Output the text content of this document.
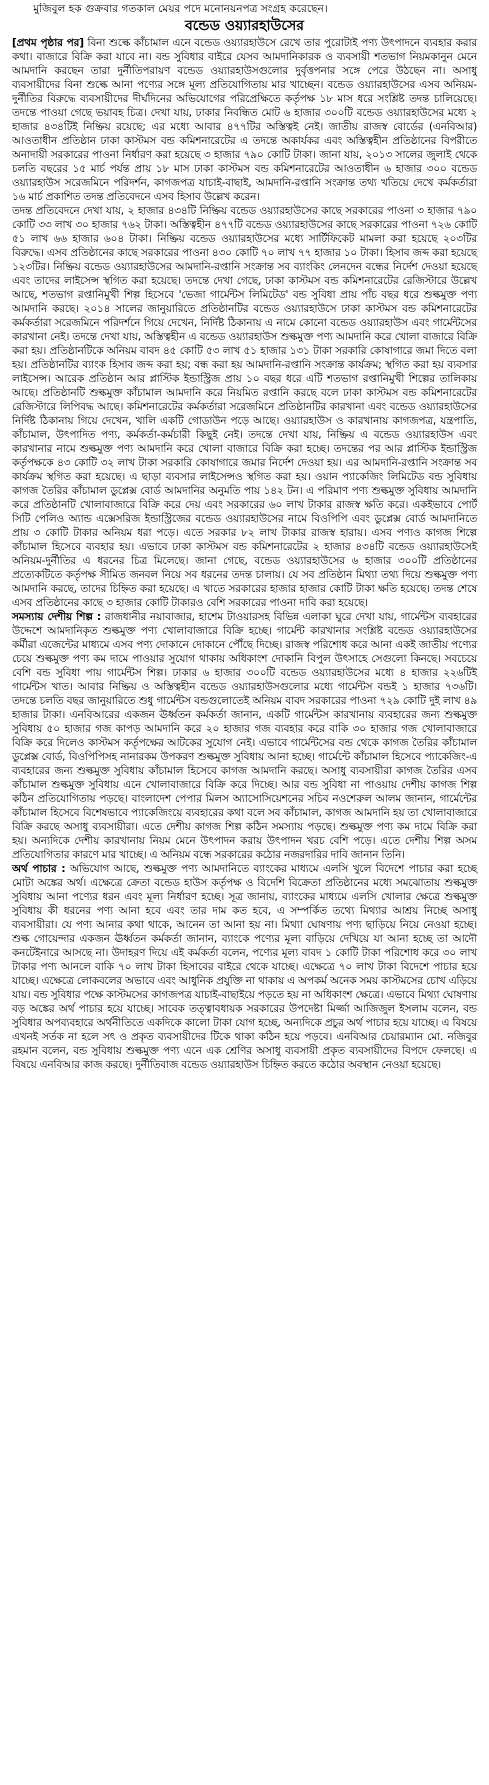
মুজিবুল হক গুক্রবার গতকাল মেয়র পদে মনোনয়নপত্র সংগ্রহ করেছেন।
বন্ডেড ওয়্যারহাউসের

[প্রথম পৃষ্ঠার পর] বিনা শুল্কে কাঁচামাল এনে বন্ডেড ওয়্যারহাউসে রেখে তার পুরোটাই পণ্য উৎপাদনে ব্যবহার করার কথা। বাজারে বিক্রি করা যাবে না। বন্ড সুবিধার বাইরে যেসব আমদানিকারক ও ব্যবসায়ী শতভাগ নিয়মকানুন মেনে আমদানি করছেন তারা দুর্নীতিপরায়ণ বন্ডেড ওয়্যারহাউসগুলোর দুর্বৃত্তপনার সঙ্গে পেরে উঠছেন না। অসাধু ব্যবসায়ীদের বিনা শুল্কে আনা পণ্যের সঙ্গে মূল্য প্রতিযোগিতায় মার খাচ্ছেন। বন্ডেড ওয়্যারহাউসের এসব অনিয়ম-দুর্নীতির বিরুদ্ধে ব্যবসায়ীদের দীর্ঘদিনের অভিযোগের পরিপ্রেক্ষিতে কর্তৃপক্ষ ১৮ মাস ধরে সংশ্লিষ্ট তদন্ত চালিয়েছে। তদন্তে পাওয়া গেছে ভয়াবহ চিত্র। দেখা যায়, ঢাকার নিবন্ধিত মোট ৬ হাজার ৩০০টি বন্ডেড ওয়্যারহাউসের মধ্যে ২ হাজার ৪৩৪টিই নিষ্ক্রিয় রয়েছে; এর মধ্যে আবার ৪৭৭টির অস্তিত্বই নেই। জাতীয় রাজস্ব বোর্ডের (এনবিআর) আওতাধীন প্রতিষ্ঠান ঢাকা কাস্টমস বন্ড কমিশনারেটের এ তদন্তে অকার্যকর এবং অস্তিত্বহীন প্রতিষ্ঠানের বিপরীতে অনাদায়ী সরকারের পাওনা নির্ধারণ করা হয়েছে ৩ হাজার ৭৯০ কোটি টাকা। জানা যায়, ২০১৩ সালের জুলাই থেকে চলতি বছরের ১৫ মার্চ পর্যন্ত প্রায় ১৮ মাস ঢাকা কাস্টমস বন্ড কমিশনারেটের আওতাধীন ৬ হাজার ৩০০ বন্ডেড ওয়্যারহাউস সরেজমিনে পরিদর্শন, কাগজপত্র যাচাই-বাছাই, আমদানি-রপ্তানি সংক্রান্ত তথ্য খতিয়ে দেখে কর্মকর্তারা ১৬ মার্চ প্রকাশিত তদন্ত প্রতিবেদনে এসব হিসাব উল্লেখ করেন।

তদন্ত প্রতিবেদনে দেখা যায়, ২ হাজার ৪৩৪টি নিষ্ক্রিয় বন্ডেড ওয়্যারহাউসের কাছে সরকারের পাওনা ৩ হাজার ৭৯০ কোটি ৩৩ লাখ ৩০ হাজার ৭৬২ টাকা। অস্তিত্বহীন ৪৭৭টি বন্ডেড ওয়্যারহাউসের কাছে সরকারের পাওনা ৭২৬ কোটি ৫১ লাখ ৬৬ হাজার ৬০৪ টাকা। নিষ্ক্রিয় বন্ডেড ওয়্যারহাউসের মধ্যে সার্টিফিকেট মামলা করা হয়েছে ২০৩টির বিরুদ্ধে। এসব প্রতিষ্ঠানের কাছে সরকারের পাওনা ৪৩০ কোটি ৭০ লাখ ৭৭ হাজার ১০ টাকা। হিসাব জব্দ করা হয়েছে ১২৩টির। নিষ্ক্রিয় বন্ডেড ওয়্যারহাউসের আমদানি-রপ্তানি সংক্রান্ত সব ব্যাংকিং লেনদেন বন্ধের নির্দেশ দেওয়া হয়েছে এবং তাদের লাইসেন্স স্থগিত করা হয়েছে। তদন্তে দেখা গেছে, ঢাকা কাস্টমস বন্ড কমিশনারেটের রেজিস্টারে উল্লেখ আছে, শতভাগ রপ্তানিমুখী শিল্প হিসেবে 'ভেজা গার্মেন্টস লিমিটেড' বন্ড সুবিধা প্রায় পাঁচ বছর ধরে শুল্কমুক্ত পণ্য আমদানি করছে। ২০১৪ সালের জানুয়ারিতে প্রতিষ্ঠানটির বন্ডেড ওয়্যারহাউসে ঢাকা কাস্টমস বন্ড কমিশনারেটের কর্মকর্তারা সরেজমিনে পরিদর্শনে গিয়ে দেখেন, নির্দিষ্ট ঠিকানায় এ নামে কোনো বন্ডেড ওয়্যারহাউস এবং গার্মেন্টসের কারখানা নেই। তদন্তে দেখা যায়, অস্তিত্বহীন এ বন্ডেড ওয়্যারহাউস শুল্কমুক্ত পণ্য আমদানি করে খোলা বাজারে বিক্রি করা হয়। প্রতিষ্ঠানটিকে অনিয়ম বাবদ ৪৫ কোটি ৫৩ লাখ ৫১ হাজার ১৩১ টাকা সরকারি কোষাগারে জমা দিতে বলা হয়। প্রতিষ্ঠানটির ব্যাংক হিসাব জব্দ করা হয়; বন্ধ করা হয় আমদানি-রপ্তানি সংক্রান্ত কার্যক্রম; স্থগিত করা হয় ব্যবসার লাইসেন্স। আরেক প্রতিষ্ঠান আর প্লাস্টিক ইন্ডাস্ট্রিজ প্রায় ১০ বছর ধরে এটি শতভাগ রপ্তানিমুখী শিল্পের তালিকায় আছে। প্রতিষ্ঠানটি শুল্কমুক্ত কাঁচামাল আমদানি করে নিয়মিত রপ্তানি করছে বলে ঢাকা কাস্টমস বন্ড কমিশনারেটের রেজিস্টারে লিপিবদ্ধ আছে। কমিশনারেটের কর্মকর্তারা সরেজমিনে প্রতিষ্ঠানটির কারখানা এবং বন্ডেড ওয়্যারহাউসের নির্দিষ্ট ঠিকানায় গিয়ে দেখেন, খালি একটি গোডাউন পড়ে আছে। ওয়্যারহাউস ও কারখানায় কাগজপত্র, যন্ত্রপাতি, কাঁচামাল, উৎপাদিত পণ্য, কর্মকর্তা-কর্মচারী কিছুই নেই। তদন্তে দেখা যায়, নিষ্ক্রিয় এ বন্ডেড ওয়্যারহাউস এবং কারখানার নামে শুল্কমুক্ত পণ্য আমদানি করে খোলা বাজারে বিক্রি করা হচ্ছে। তদন্তের পর আর প্লাস্টিক ইন্ডাস্ট্রিজ কর্তৃপক্ষকে ৪৩ কোটি ৩২ লাখ টাকা সরকারি কোষাগারে জমার নির্দেশ দেওয়া হয়। এর আমদানি-রপ্তানি সংক্রান্ত সব কার্যক্রম স্থগিত করা হয়েছে। এ ছাড়া ব্যবসার লাইসেন্সও স্থগিত করা হয়। ওয়ান প্যাকেজিং লিমিটেড বন্ড সুবিধায় কাগজ তৈরির কাঁচামাল ডুপ্লেক্স বোর্ড আমদানির অনুমতি পায় ১৪২ টন। এ পরিমাণ পণ্য শুল্কমুক্ত সুবিধায় আমদানি করে প্রতিষ্ঠানটি খোলাবাজারে বিক্রি করে দেয় এবং সরকারের ৬০ লাখ টাকার রাজস্ব ক্ষতি করে। একইভাবে পোর্ট সিটি পেলিও অ্যান্ড এক্সেসরিজ ইন্ডাস্ট্রিজের বন্ডেড ওয়্যারহাউসের নামে বিওপিপি এবং ডুপ্লেক্স বোর্ড আমদানিতে প্রায় ৩ কোটি টাকার অনিয়ম ধরা পড়ে। এতে সরকার ৮২ লাখ টাকার রাজস্ব হারায়। এসব পণ্যও কাগজ শিল্পে কাঁচামাল হিসেবে ব্যবহার হয়। এভাবে ঢাকা কাস্টমস বন্ড কমিশনারেটের ২ হাজার ৪৩৪টি বন্ডেড ওয়্যারহাউসেই অনিয়ম-দুর্নীতির এ ধরনের চিত্র মিলেছে। জানা গেছে, বন্ডেড ওয়্যারহাউসের ৬ হাজার ৩০০টি প্রতিষ্ঠানের প্রত্যেকটিতে কর্তৃপক্ষ সীমিত জনবল নিয়ে সব ধরনের তদন্ত চালায়। যে সব প্রতিষ্ঠান মিথ্যা তথ্য দিয়ে শুল্কমুক্ত পণ্য আমদানি করছে, তাদের চিহ্নিত করা হয়েছে। এ খাতে সরকারের হাজার হাজার কোটি টাকা ক্ষতি হয়েছে। তদন্ত শেষে এসব প্রতিষ্ঠানের কাছে ৩ হাজার কোটি টাকারও বেশি সরকারের পাওনা দাবি করা হয়েছে।

সমস্যায় দেশীয় শিল্প : রাজধানীর নয়াবাজার, হাশেম টাওয়ারসহ বিভিন্ন এলাকা ঘুরে দেখা যায়, গার্মেন্টস ব্যবহারের উদ্দেশে আমদানিকৃত শুল্কমুক্ত পণ্য খোলাবাজারে বিক্রি হচ্ছে। গার্মেন্ট কারখানার সংশ্লিষ্ট বন্ডেড ওয়্যারহাউসের কর্মীরা এজেন্টের মাধ্যমে এসব পণ্য দোকানে দোকানে পৌঁছে দিচ্ছে। রাজস্ব পরিশোধ করে আনা একই জাতীয় পণ্যের চেয়ে শুল্কমুক্ত পণ্য কম দামে পাওয়ার সুযোগ থাকায় অধিকাংশ দোকানি বিপুল উৎসাহে সেগুলো কিনছে। সবচেয়ে বেশি বন্ড সুবিধা পায় গার্মেন্টস শিল্প। ঢাকার ৬ হাজার ৩০০টি বন্ডেড ওয়্যারহাউসের মধ্যে ৪ হাজার ২২৬টিই গার্মেন্টস খাত। আবার নিষ্ক্রিয় ও অস্তিত্বহীন বন্ডেড ওয়্যারহাউসগুলোর মধ্যে গার্মেন্টস বন্ডই ১ হাজার ৭৩৬টি। তদন্তে চলতি বছর জানুয়ারিতে শুধু গার্মেন্টস বন্ডগুলোতেই অনিয়ম বাবদ সরকারের পাওনা ৭২৯ কোটি দুই লাখ ৪৯ হাজার টাকা। এনবিআরের একজন ঊর্ধ্বতন কর্মকর্তা জানান, একটি গার্মেন্টস কারখানায় ব্যবহারের জন্য শুল্কমুক্ত সুবিধায় ৫০ হাজার গজ কাপড় আমদানি করে ২০ হাজার গজ ব্যবহার করে বাকি ৩০ হাজার গজ খোলাবাজারে বিক্রি করে দিলেও কাস্টমস কর্তৃপক্ষের আটকের সুযোগ নেই। এভাবে গার্মেন্টসের বন্ড থেকে কাগজ তৈরির কাঁচামাল ডুপ্লেক্স বোর্ড, বিওপিপিসহ নানারকম উপকরণ শুল্কমুক্ত সুবিধায় আনা হচ্ছে। গার্মেন্টে কাঁচামাল হিসেবে প্যাকেজিং-এ ব্যবহারের জন্য শুল্কমুক্ত সুবিধায় কাঁচামাল হিসেবে কাগজ আমদানি করছে। অসাধু ব্যবসায়ীরা কাগজ তৈরির এসব কাঁচামাল শুল্কমুক্ত সুবিধায় এনে খোলাবাজারে বিক্রি করে দিচ্ছে। আর বন্ড সুবিধা না পাওয়ায় দেশীয় কাগজ শিল্প কঠিন প্রতিযোগিতায় পড়ছে। বাংলাদেশ পেপার মিলস অ্যাসোসিয়েশনের সচিব নওশেরুল আলম জানান, গার্মেন্টের কাঁচামাল হিসেবে বিশেষভাবে প্যাকেজিংয়ে ব্যবহারের কথা বলে সব কাঁচামাল, কাগজ আমদানি হয় তা খোলাবাজারে বিক্রি করছে অসাধু ব্যবসায়ীরা। এতে দেশীয় কাগজ শিল্প কঠিন সমস্যায় পড়ছে। শুল্কমুক্ত পণ্য কম দামে বিক্রি করা হয়। অন্যদিকে দেশীয় কারখানায় নিয়ম মেনে উৎপাদন করায় উৎপাদন খরচ বেশি পড়ে। এতে দেশীয় শিল্প অসম প্রতিযোগিতার কারণে মার খাচ্ছে। এ অনিয়ম বন্ধে সরকারের কঠোর নজরদারির দাবি জানান তিনি।

অর্থ পাচার : অভিযোগ আছে, শুল্কমুক্ত পণ্য আমদানিতে ব্যাংকের মাধ্যমে এলসি খুলে বিদেশে পাচার করা হচ্ছে মোটা অঙ্কের অর্থ। এক্ষেত্রে ক্রেতা বন্ডেড হাউস কর্তৃপক্ষ ও বিদেশি বিক্রেতা প্রতিষ্ঠানের মধ্যে সমঝোতায় শুল্কমুক্ত সুবিধায় আনা পণ্যের ধরন এবং মূল্য নির্ধারণ হচ্ছে। সূত্র জানায়, ব্যাংকের মাধ্যমে এলসি খোলার ক্ষেত্রে শুল্কমুক্ত সুবিধায় কী ধরনের পণ্য আনা হবে এবং তার দাম কত হবে, এ সম্পর্কিত তথ্যে মিথ্যার আশ্রয় নিচ্ছে অসাধু ব্যবসায়ীরা। যে পণ্য আনার কথা থাকে, আনেন তা আনা হয় না। মিথ্যা ঘোষণায় পণ্য ছাড়িয়ে নিয়ে নেওয়া হচ্ছে। শুল্ক গোয়েন্দার একজন ঊর্ধ্বতন কর্মকর্তা জানান, ব্যাংকে পণ্যের মূল্য বাড়িয়ে দেখিয়ে যা আনা হচ্ছে তা আদৌ কনটেইনারে আসছে না। উদাহরণ দিয়ে এই কর্মকর্তা বলেন, পণ্যের মূল্য বাবদ ১ কোটি টাকা পরিশোধ করে ৩০ লাখ টাকার পণ্য আনলে বাকি ৭০ লাখ টাকা হিসাবের বাইরে থেকে যাচ্ছে। এক্ষেত্রে ৭০ লাখ টাকা বিদেশে পাচার হয়ে যাচ্ছে। এক্ষেত্রে লোকবলের অভাবে এবং আধুনিক প্রযুক্তি না থাকায় এ অপকর্ম অনেক সময় কাস্টমসের চোখ এড়িয়ে যায়। বন্ড সুবিধার পক্ষে কাস্টমসের কাগজপত্র যাচাই-বাছাইয়ে পড়তে হয় না অধিকাংশ ক্ষেত্রে। এভাবে মিথ্যা ঘোষণায় বড় অঙ্কের অর্থ পাচার হয়ে যাচ্ছে। সাবেক তত্ত্বাবধায়ক সরকারের উপদেষ্টা মির্জ্জা আজিজুল ইসলাম বলেন, বন্ড সুবিধার অপব্যবহারে অর্থনীতিতে একদিকে কালো টাকা যোগ হচ্ছে, অন্যদিকে প্রচুর অর্থ পাচার হয়ে যাচ্ছে। এ বিষয়ে এখনই সর্তক না হলে সৎ ও প্রকৃত ব্যবসায়ীদের টিকে থাকা কঠিন হয়ে পড়বে। এনবিআর চেয়ারম্যান মো. নজিবুর রহমান বলেন, বন্ড সুবিধায় শুল্কমুক্ত পণ্য এনে এক শ্রেণির অসাধু ব্যবসায়ী প্রকৃত ব্যবসায়ীদের বিপদে ফেলছে। এ বিষয়ে এনবিআর কাজ করছে। দুর্নীতিবাজ বন্ডেড ওয়্যারহাউস চিহ্নিত করতে কঠোর অবস্থান নেওয়া হয়েছে।
